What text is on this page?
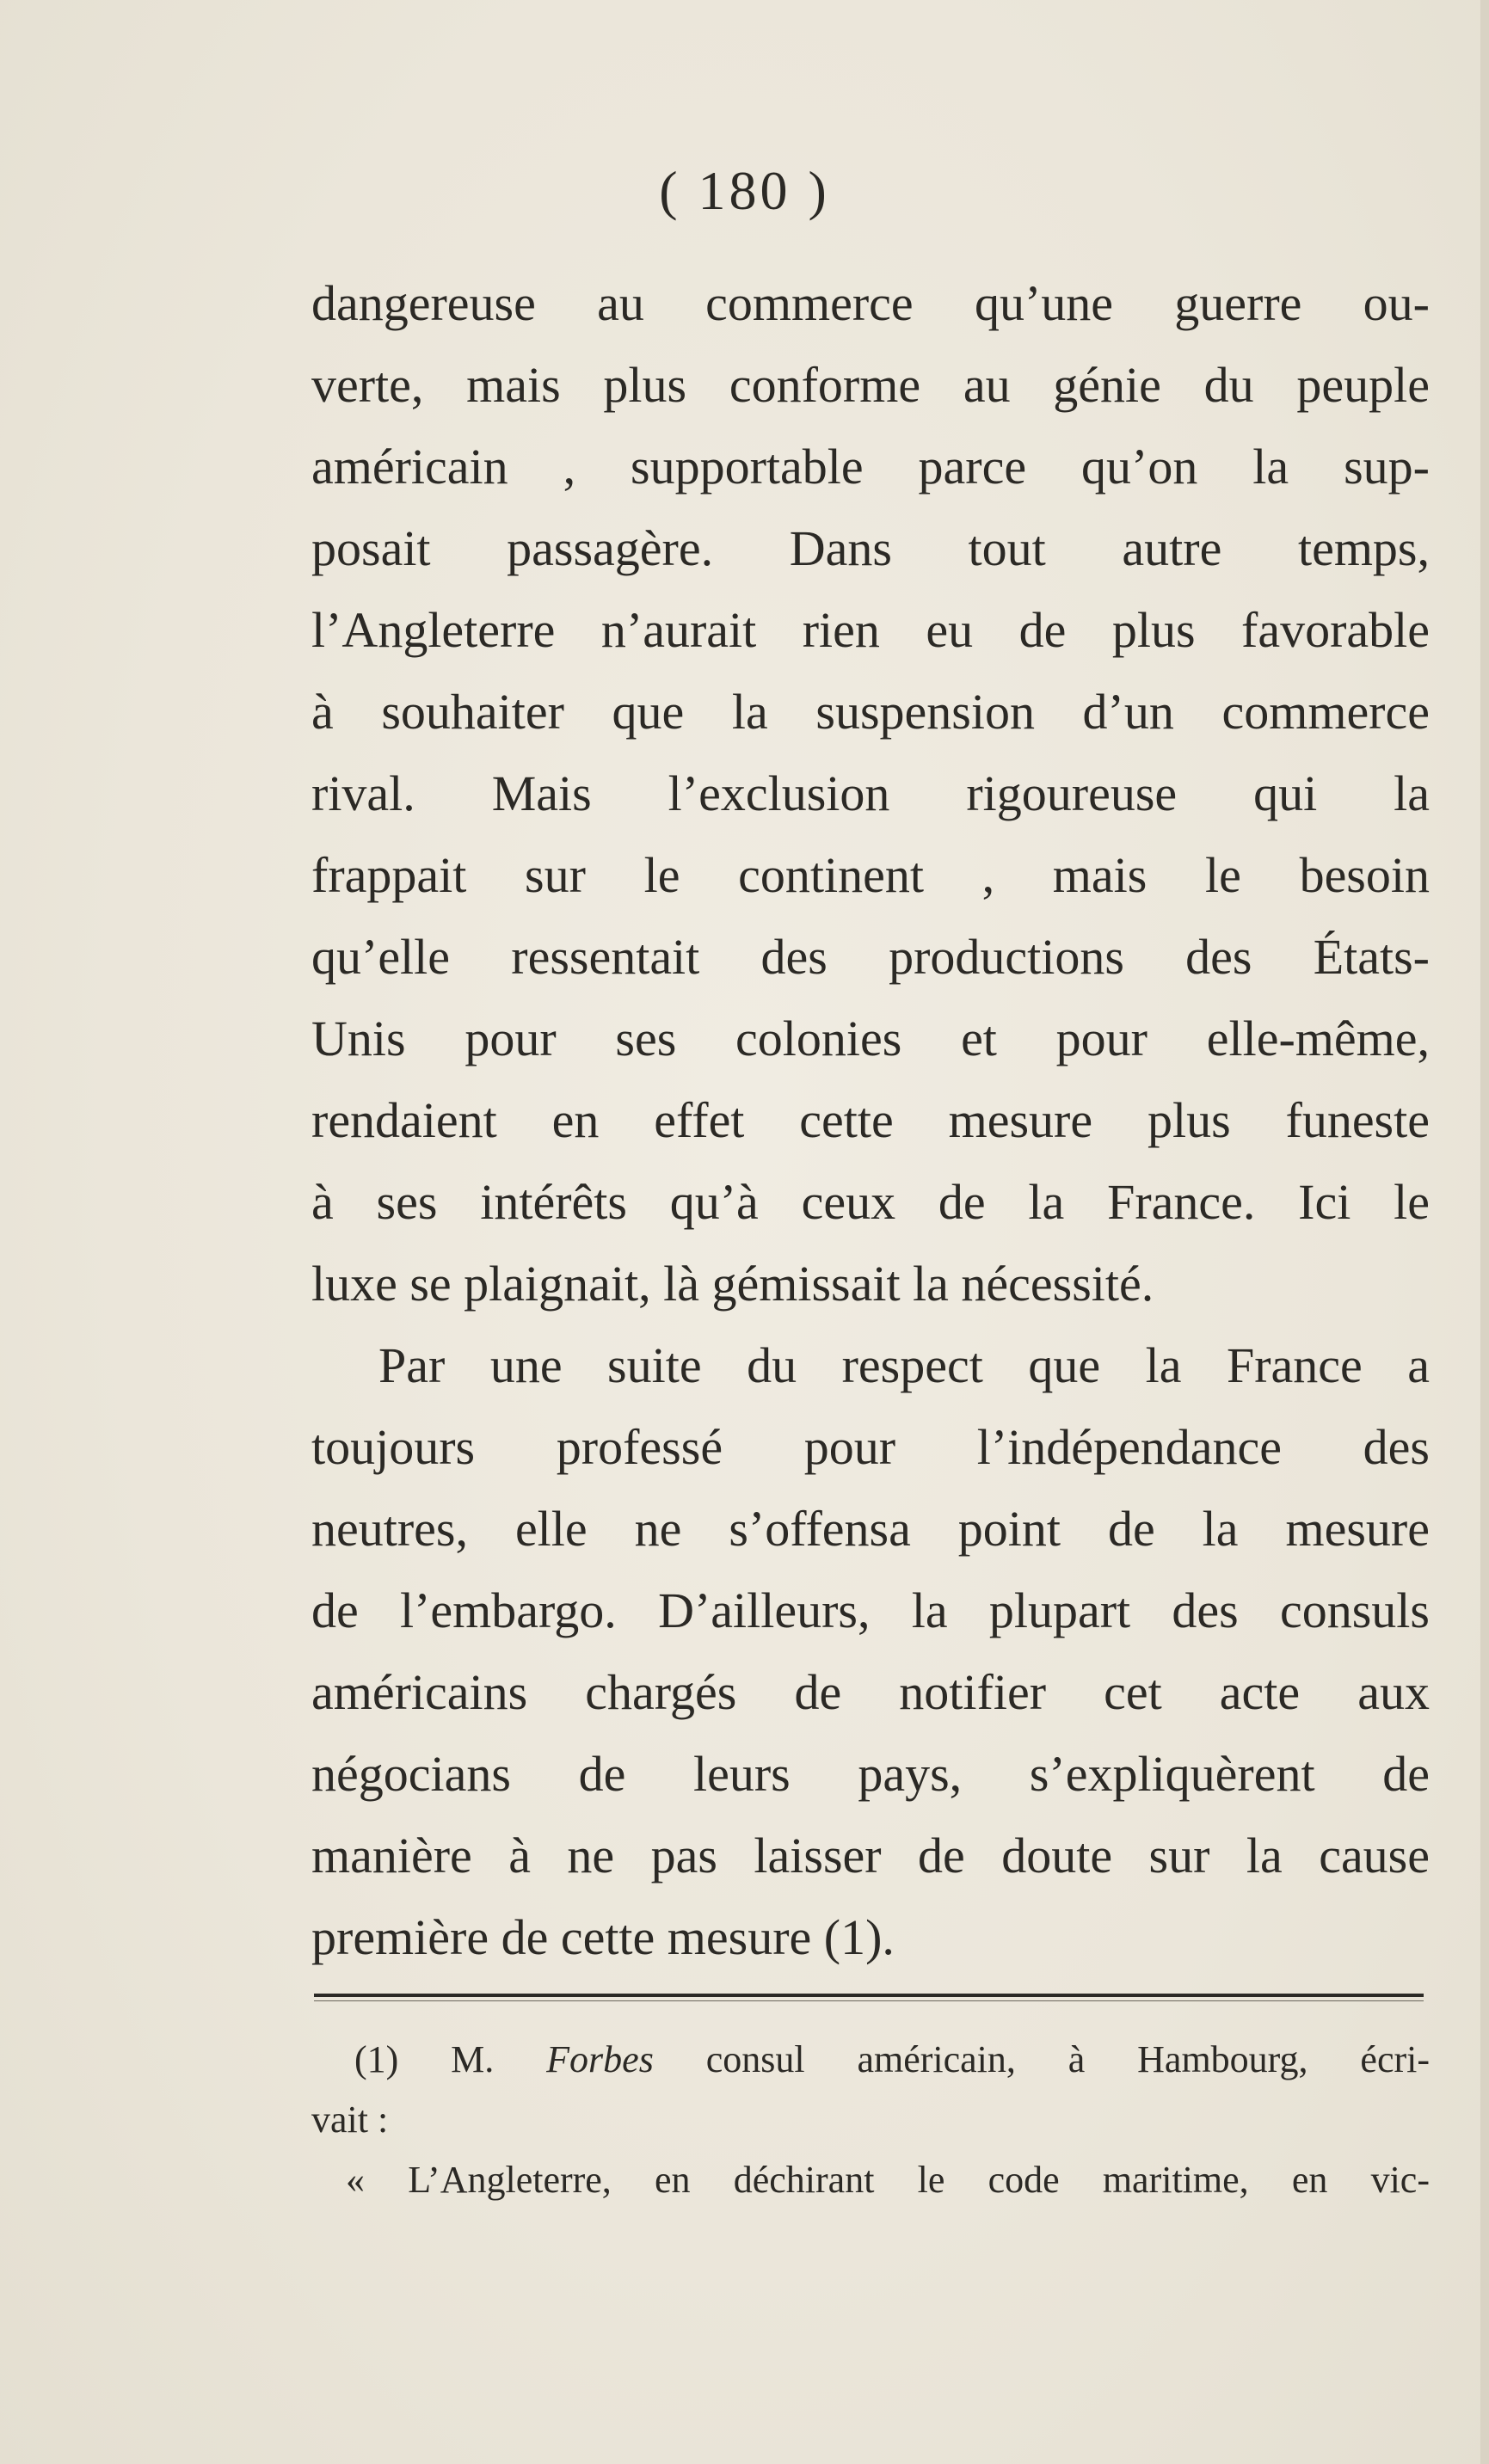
( 180 )
dangereuse au commerce qu’une guerre ou-
verte, mais plus conforme au génie du peuple
américain , supportable parce qu’on la sup-
posait passagère. Dans tout autre temps,
l’Angleterre n’aurait rien eu de plus favorable
à souhaiter que la suspension d’un commerce
rival. Mais l’exclusion rigoureuse qui la
frappait sur le continent , mais le besoin
qu’elle ressentait des productions des États-
Unis pour ses colonies et pour elle-même,
rendaient en effet cette mesure plus funeste
à ses intérêts qu’à ceux de la France. Ici le
luxe se plaignait, là gémissait la nécessité.
Par une suite du respect que la France a
toujours professé pour l’indépendance des
neutres, elle ne s’offensa point de la mesure
de l’embargo. D’ailleurs, la plupart des consuls
américains chargés de notifier cet acte aux
négocians de leurs pays, s’expliquèrent de
manière à ne pas laisser de doute sur la cause
première de cette mesure (1).
(1) M. Forbes consul américain, à Hambourg, écri-
vait :
« L’Angleterre, en déchirant le code maritime, en vic-
